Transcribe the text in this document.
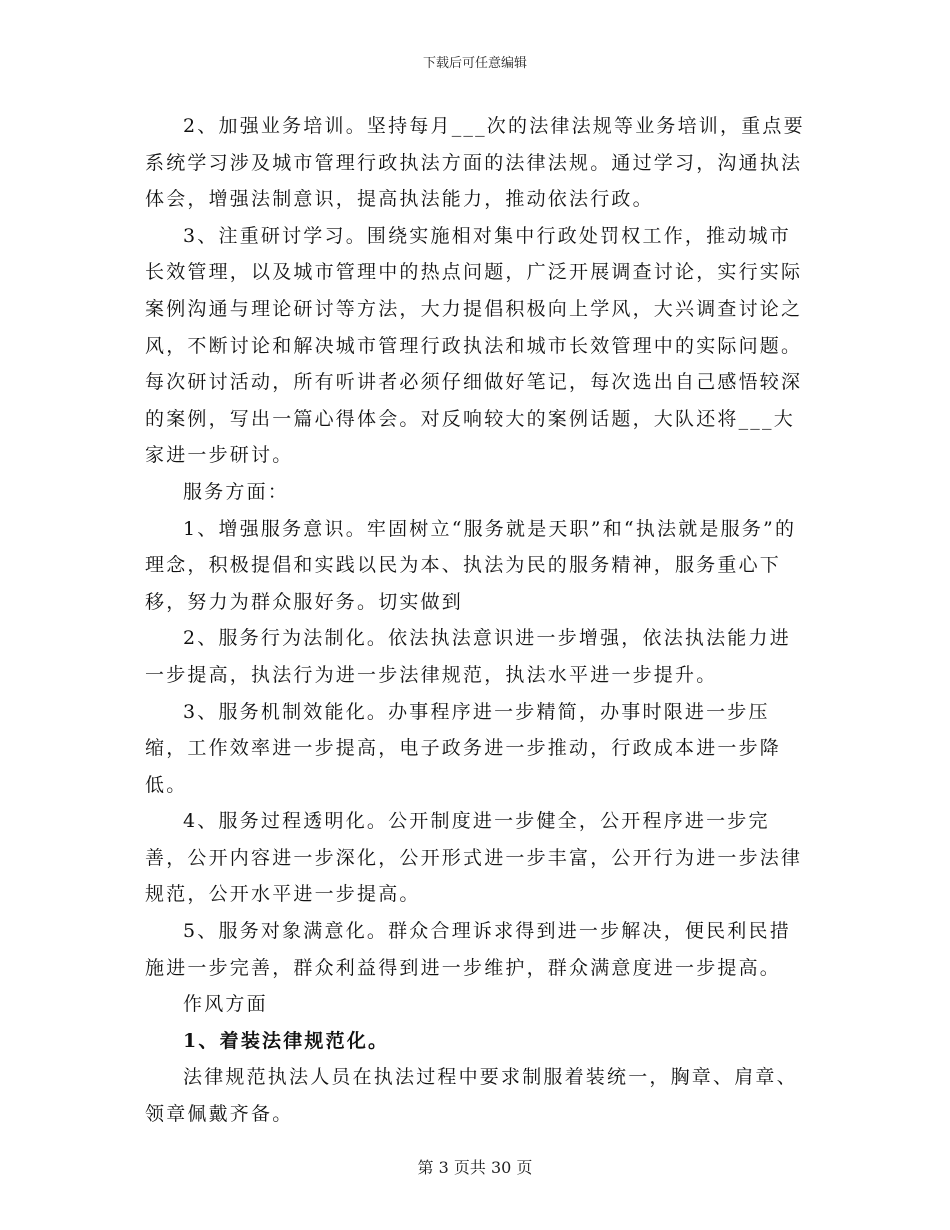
下载后可任意编辑

2、加强业务培训。坚持每月___次的法律法规等业务培训，重点要系统学习涉及城市管理行政执法方面的法律法规。通过学习，沟通执法体会，增强法制意识，提高执法能力，推动依法行政。

3、注重研讨学习。围绕实施相对集中行政处罚权工作，推动城市长效管理，以及城市管理中的热点问题，广泛开展调查讨论，实行实际案例沟通与理论研讨等方法，大力提倡积极向上学风，大兴调查讨论之风，不断讨论和解决城市管理行政执法和城市长效管理中的实际问题。每次研讨活动，所有听讲者必须仔细做好笔记，每次选出自己感悟较深的案例，写出一篇心得体会。对反响较大的案例话题，大队还将___大家进一步研讨。

服务方面：

1、增强服务意识。牢固树立“服务就是天职”和“执法就是服务”的理念，积极提倡和实践以民为本、执法为民的服务精神，服务重心下移，努力为群众服好务。切实做到

2、服务行为法制化。依法执法意识进一步增强，依法执法能力进一步提高，执法行为进一步法律规范，执法水平进一步提升。

3、服务机制效能化。办事程序进一步精简，办事时限进一步压缩，工作效率进一步提高，电子政务进一步推动，行政成本进一步降低。

4、服务过程透明化。公开制度进一步健全，公开程序进一步完善，公开内容进一步深化，公开形式进一步丰富，公开行为进一步法律规范，公开水平进一步提高。

5、服务对象满意化。群众合理诉求得到进一步解决，便民利民措施进一步完善，群众利益得到进一步维护，群众满意度进一步提高。

作风方面

1、着装法律规范化。

法律规范执法人员在执法过程中要求制服着装统一，胸章、肩章、领章佩戴齐备。

第 3 页共 30 页
